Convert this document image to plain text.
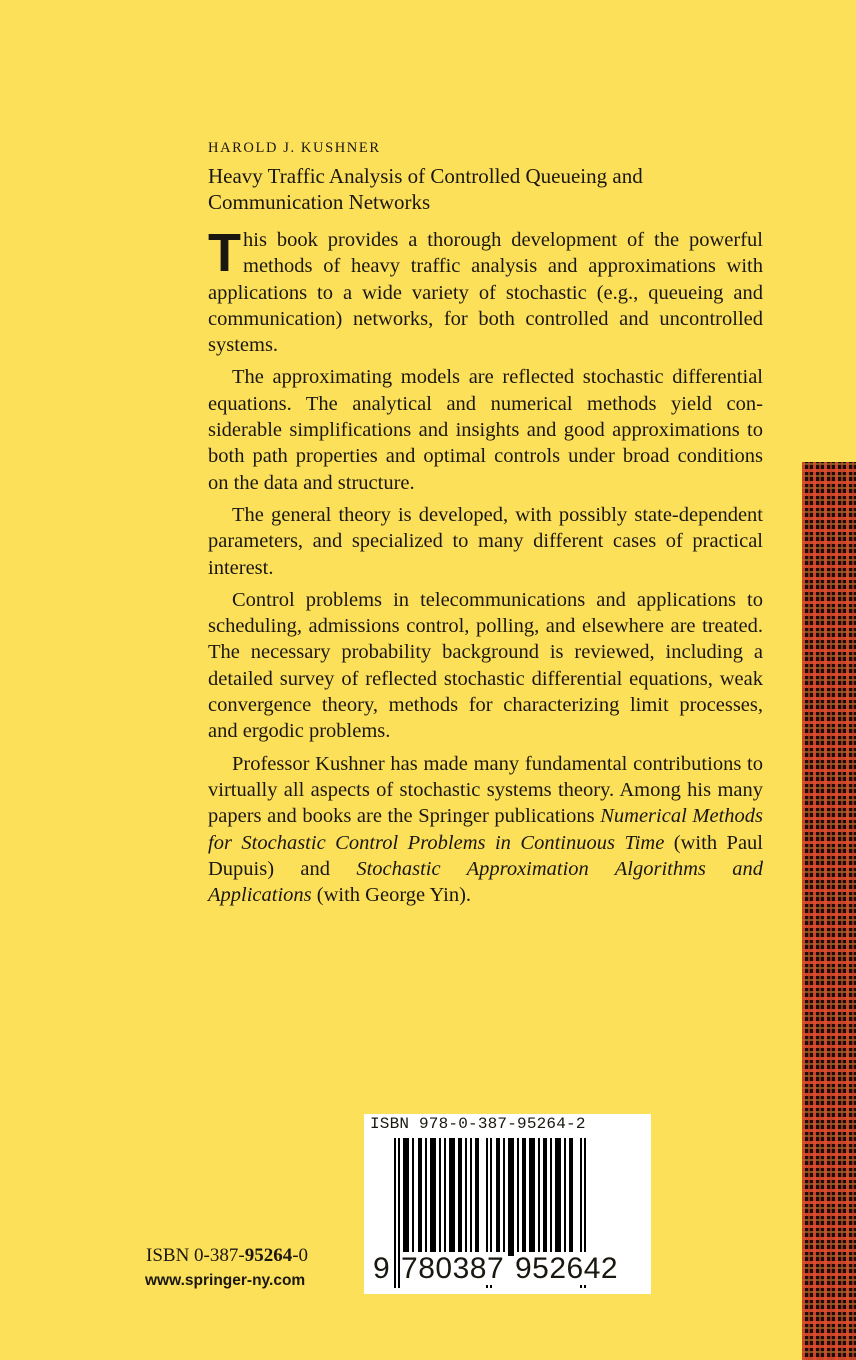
HAROLD J. KUSHNER
Heavy Traffic Analysis of Controlled Queueing and
Communication Networks

This book provides a thorough development of the powerful methods of heavy traffic analysis and approximations with applications to a wide variety of stochastic (e.g., queueing and communication) networks, for both controlled and uncontrolled systems.

The approximating models are reflected stochastic differential equations. The analytical and numerical methods yield considerable simplifications and insights and good approximations to both path properties and optimal controls under broad conditions on the data and structure.

The general theory is developed, with possibly state-dependent parameters, and specialized to many different cases of practical interest.

Control problems in telecommunications and applications to scheduling, admissions control, polling, and elsewhere are treated. The necessary probability background is reviewed, including a detailed survey of reflected stochastic differential equations, weak convergence theory, methods for characterizing limit processes, and ergodic problems.

Professor Kushner has made many fundamental contributions to virtually all aspects of stochastic systems theory. Among his many papers and books are the Springer publications Numerical Methods for Stochastic Control Problems in Continuous Time (with Paul Dupuis) and Stochastic Approximation Algorithms and Applications (with George Yin).

ISBN 978-0-387-95264-2
9 780387 952642
ISBN 0-387-95264-0
www.springer-ny.com
